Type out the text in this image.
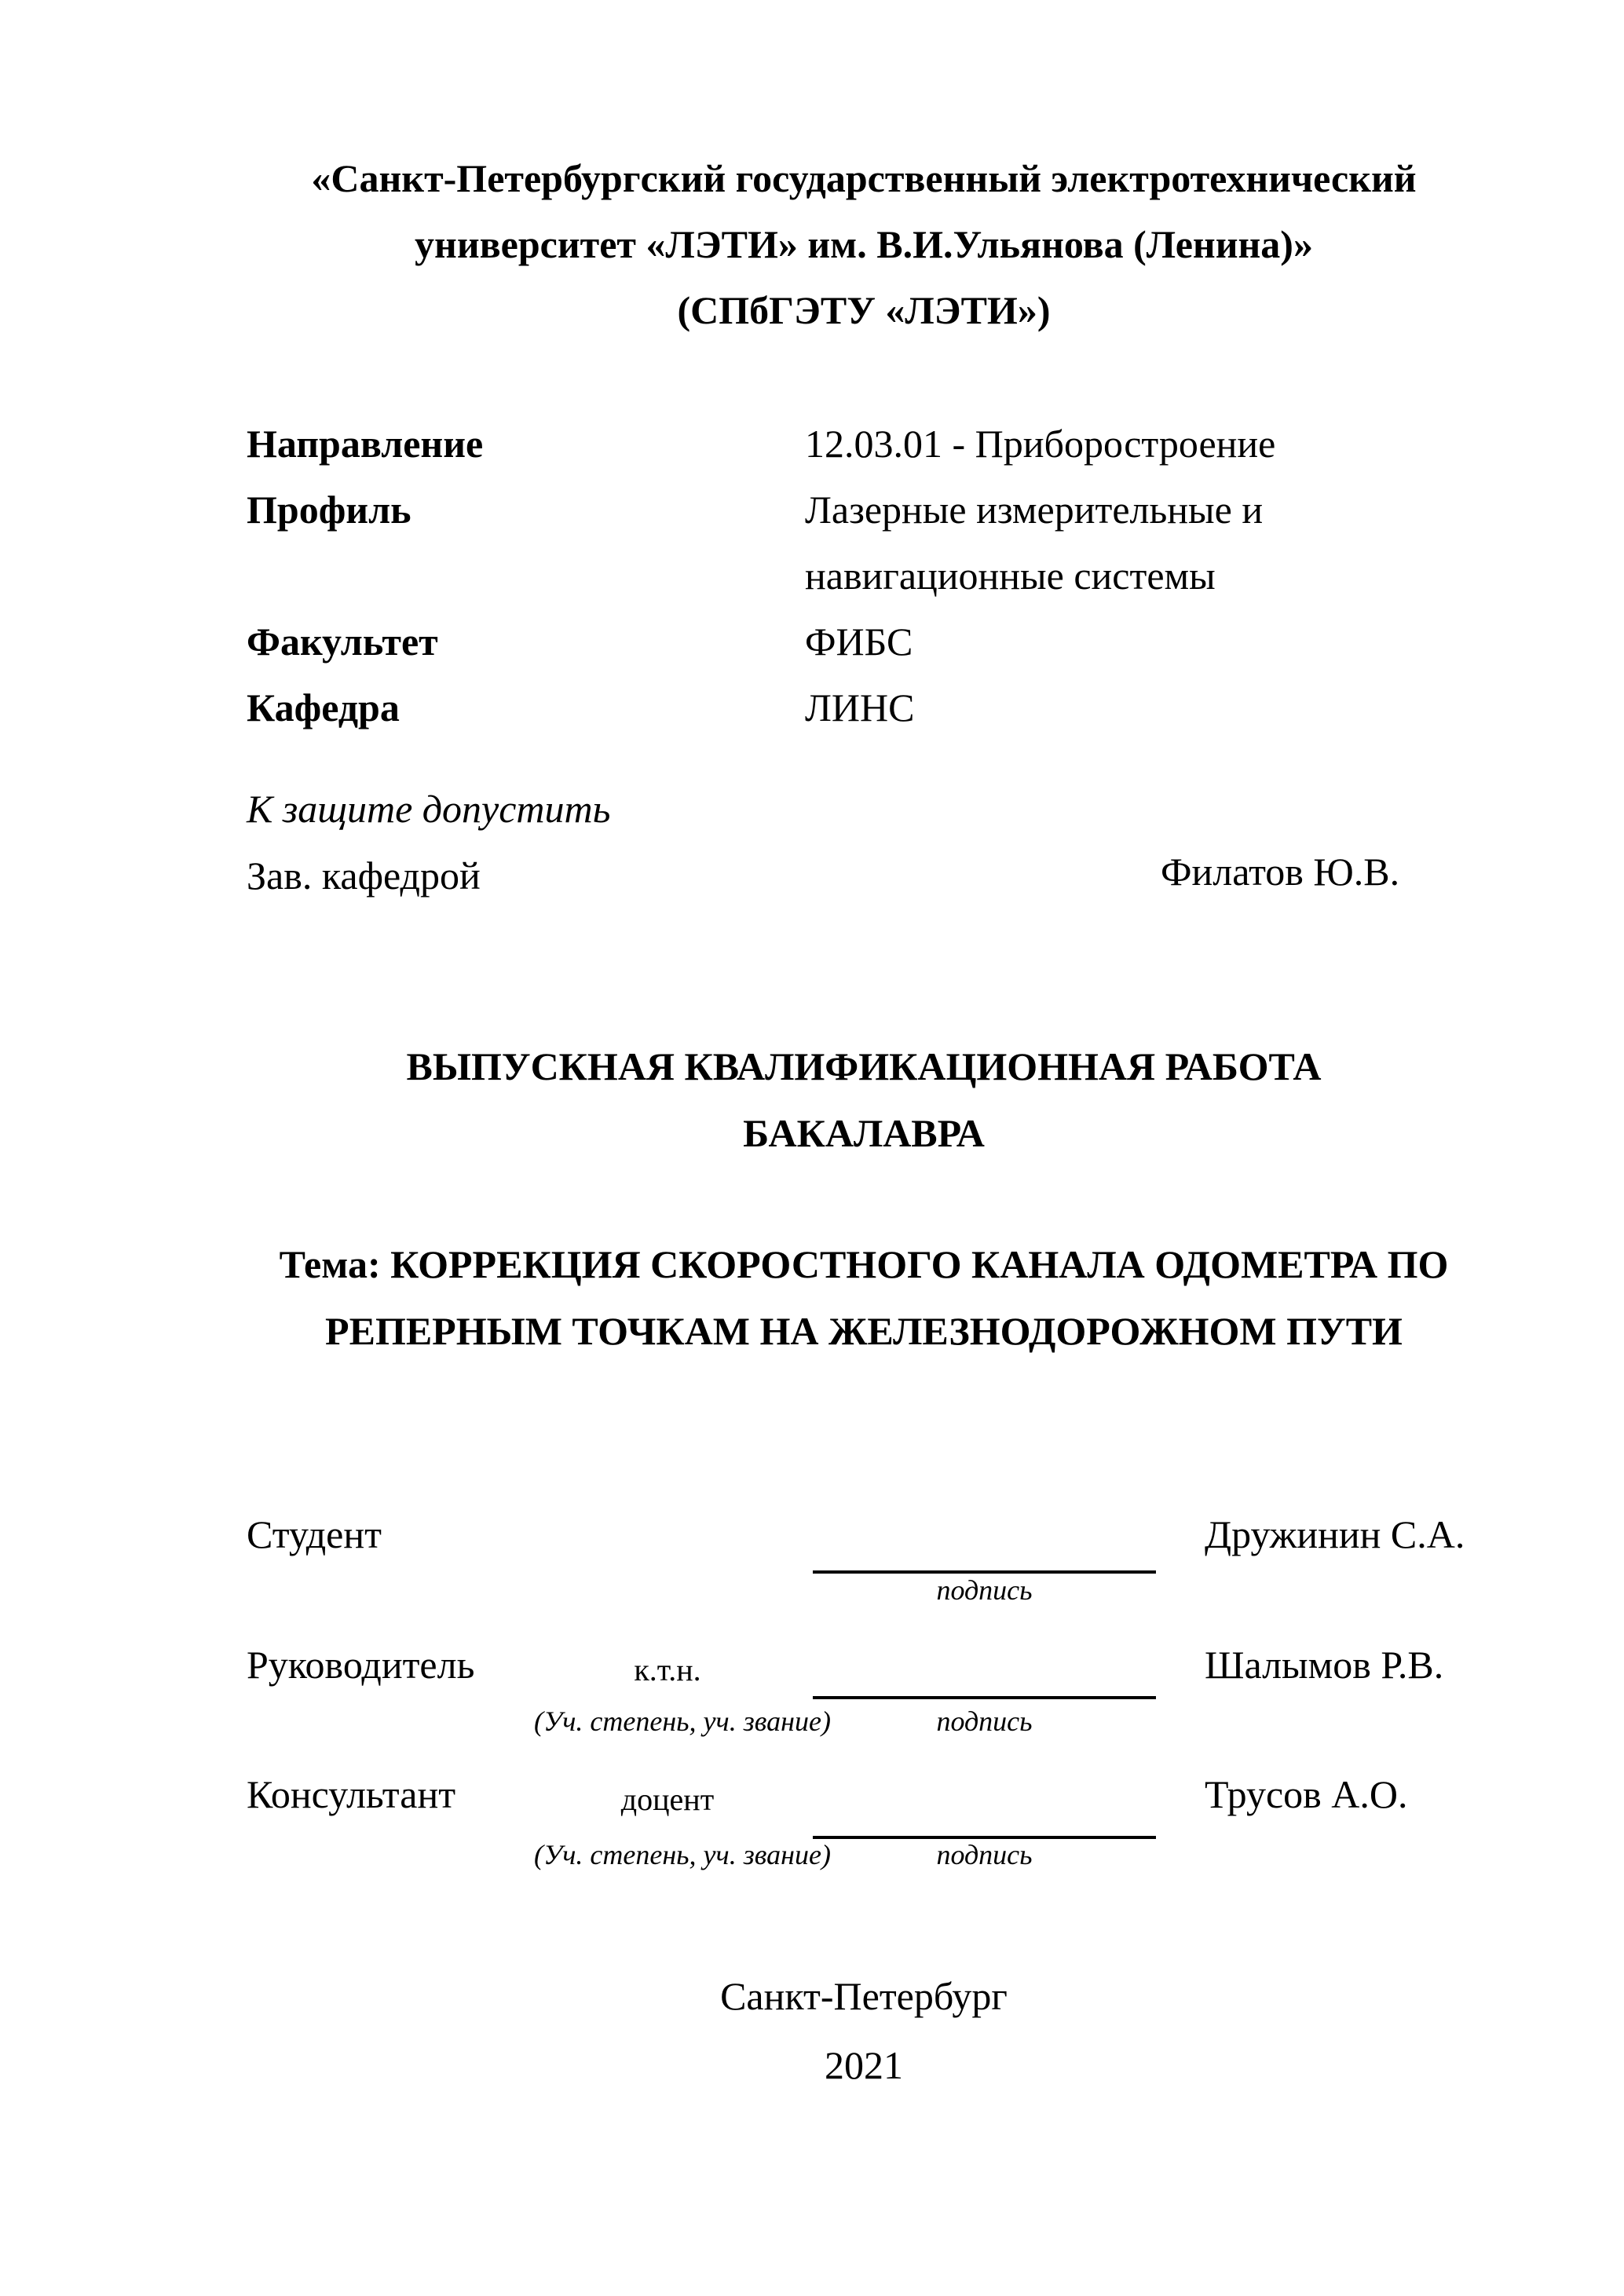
«Санкт-Петербургский государственный электротехнический
университет «ЛЭТИ» им. В.И.Ульянова (Ленина)»
(СПбГЭТУ «ЛЭТИ»)
Направление	12.03.01 - Приборостроение
Профиль	Лазерные измерительные и
навигационные системы
Факультет	ФИБС
Кафедра	ЛИНС
К защите допустить
Зав. кафедрой	Филатов Ю.В.
ВЫПУСКНАЯ КВАЛИФИКАЦИОННАЯ РАБОТА
БАКАЛАВРА
Тема: КОРРЕКЦИЯ СКОРОСТНОГО КАНАЛА ОДОМЕТРА ПО
РЕПЕРНЫМ ТОЧКАМ НА ЖЕЛЕЗНОДОРОЖНОМ ПУТИ
Студент	Дружинин С.А.
подпись
Руководитель	к.т.н.	Шалымов Р.В.
(Уч. степень, уч. звание)	подпись
Консультант	доцент	Трусов А.О.
(Уч. степень, уч. звание)	подпись
Санкт-Петербург
2021
